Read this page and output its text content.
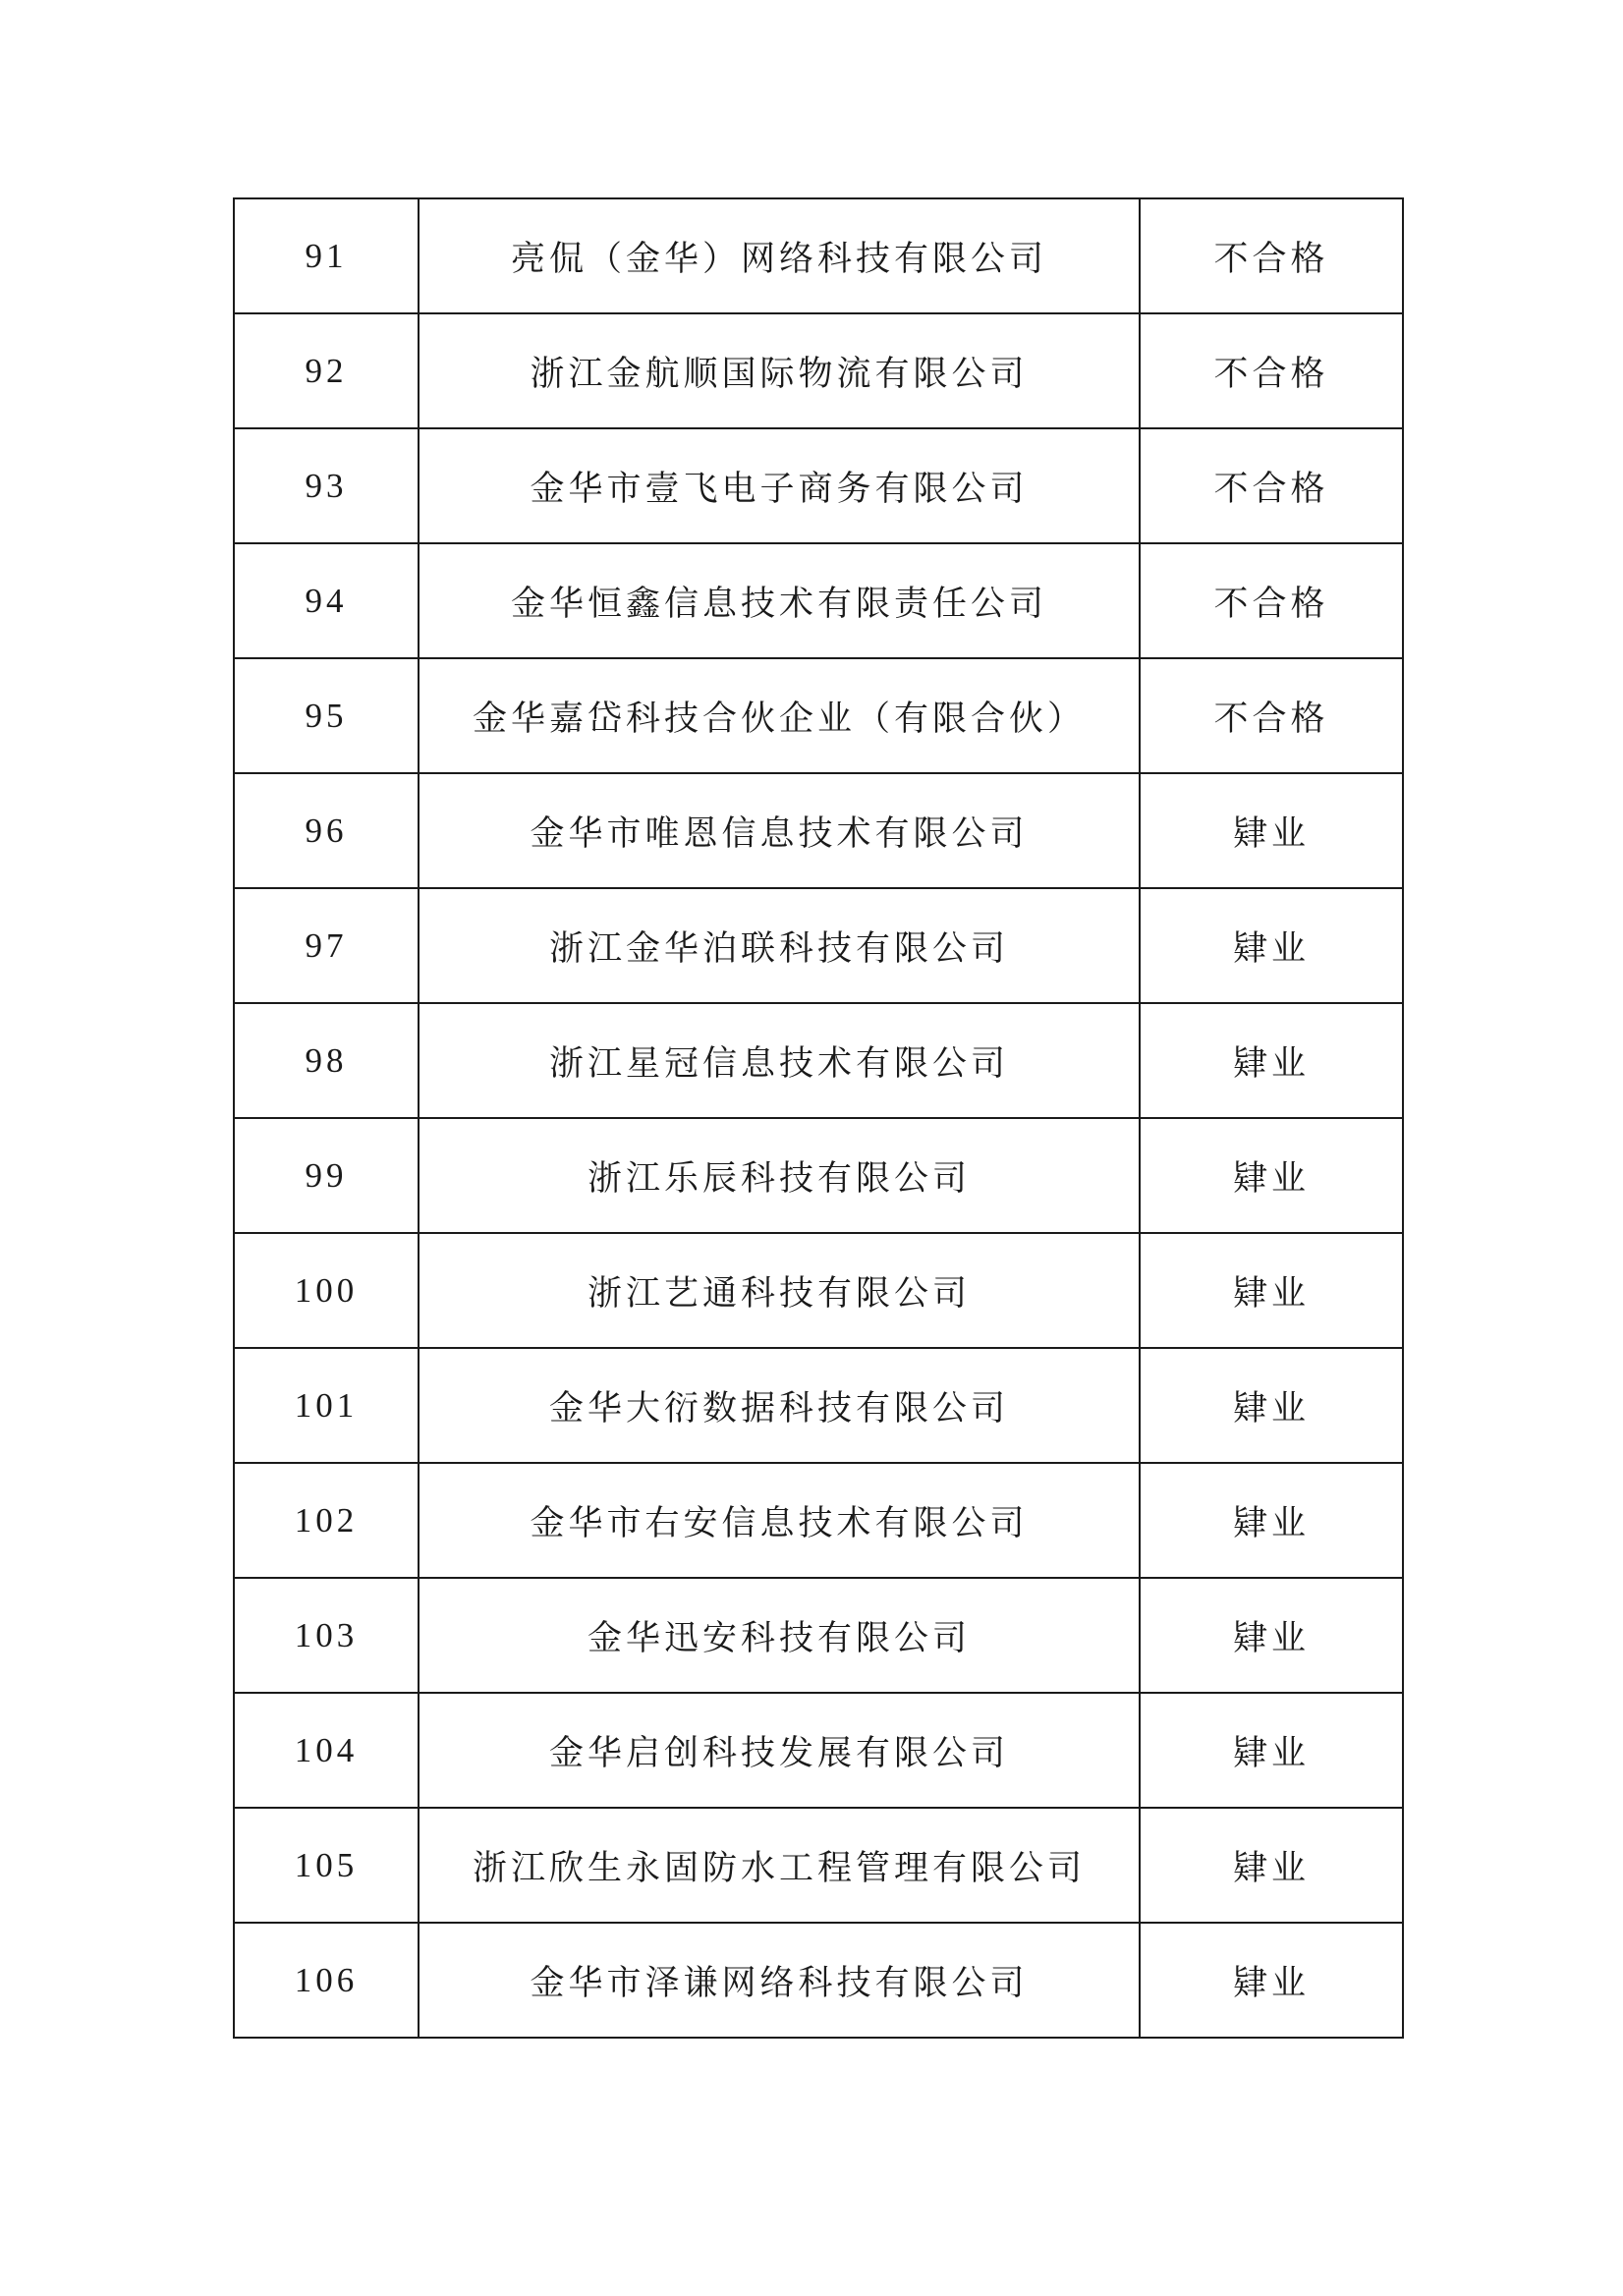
91	亮侃（金华）网络科技有限公司	不合格
92	浙江金航顺国际物流有限公司	不合格
93	金华市壹飞电子商务有限公司	不合格
94	金华恒鑫信息技术有限责任公司	不合格
95	金华嘉岱科技合伙企业（有限合伙）	不合格
96	金华市唯恩信息技术有限公司	肄业
97	浙江金华泊联科技有限公司	肄业
98	浙江星冠信息技术有限公司	肄业
99	浙江乐辰科技有限公司	肄业
100	浙江艺通科技有限公司	肄业
101	金华大衍数据科技有限公司	肄业
102	金华市右安信息技术有限公司	肄业
103	金华迅安科技有限公司	肄业
104	金华启创科技发展有限公司	肄业
105	浙江欣生永固防水工程管理有限公司	肄业
106	金华市泽谦网络科技有限公司	肄业
